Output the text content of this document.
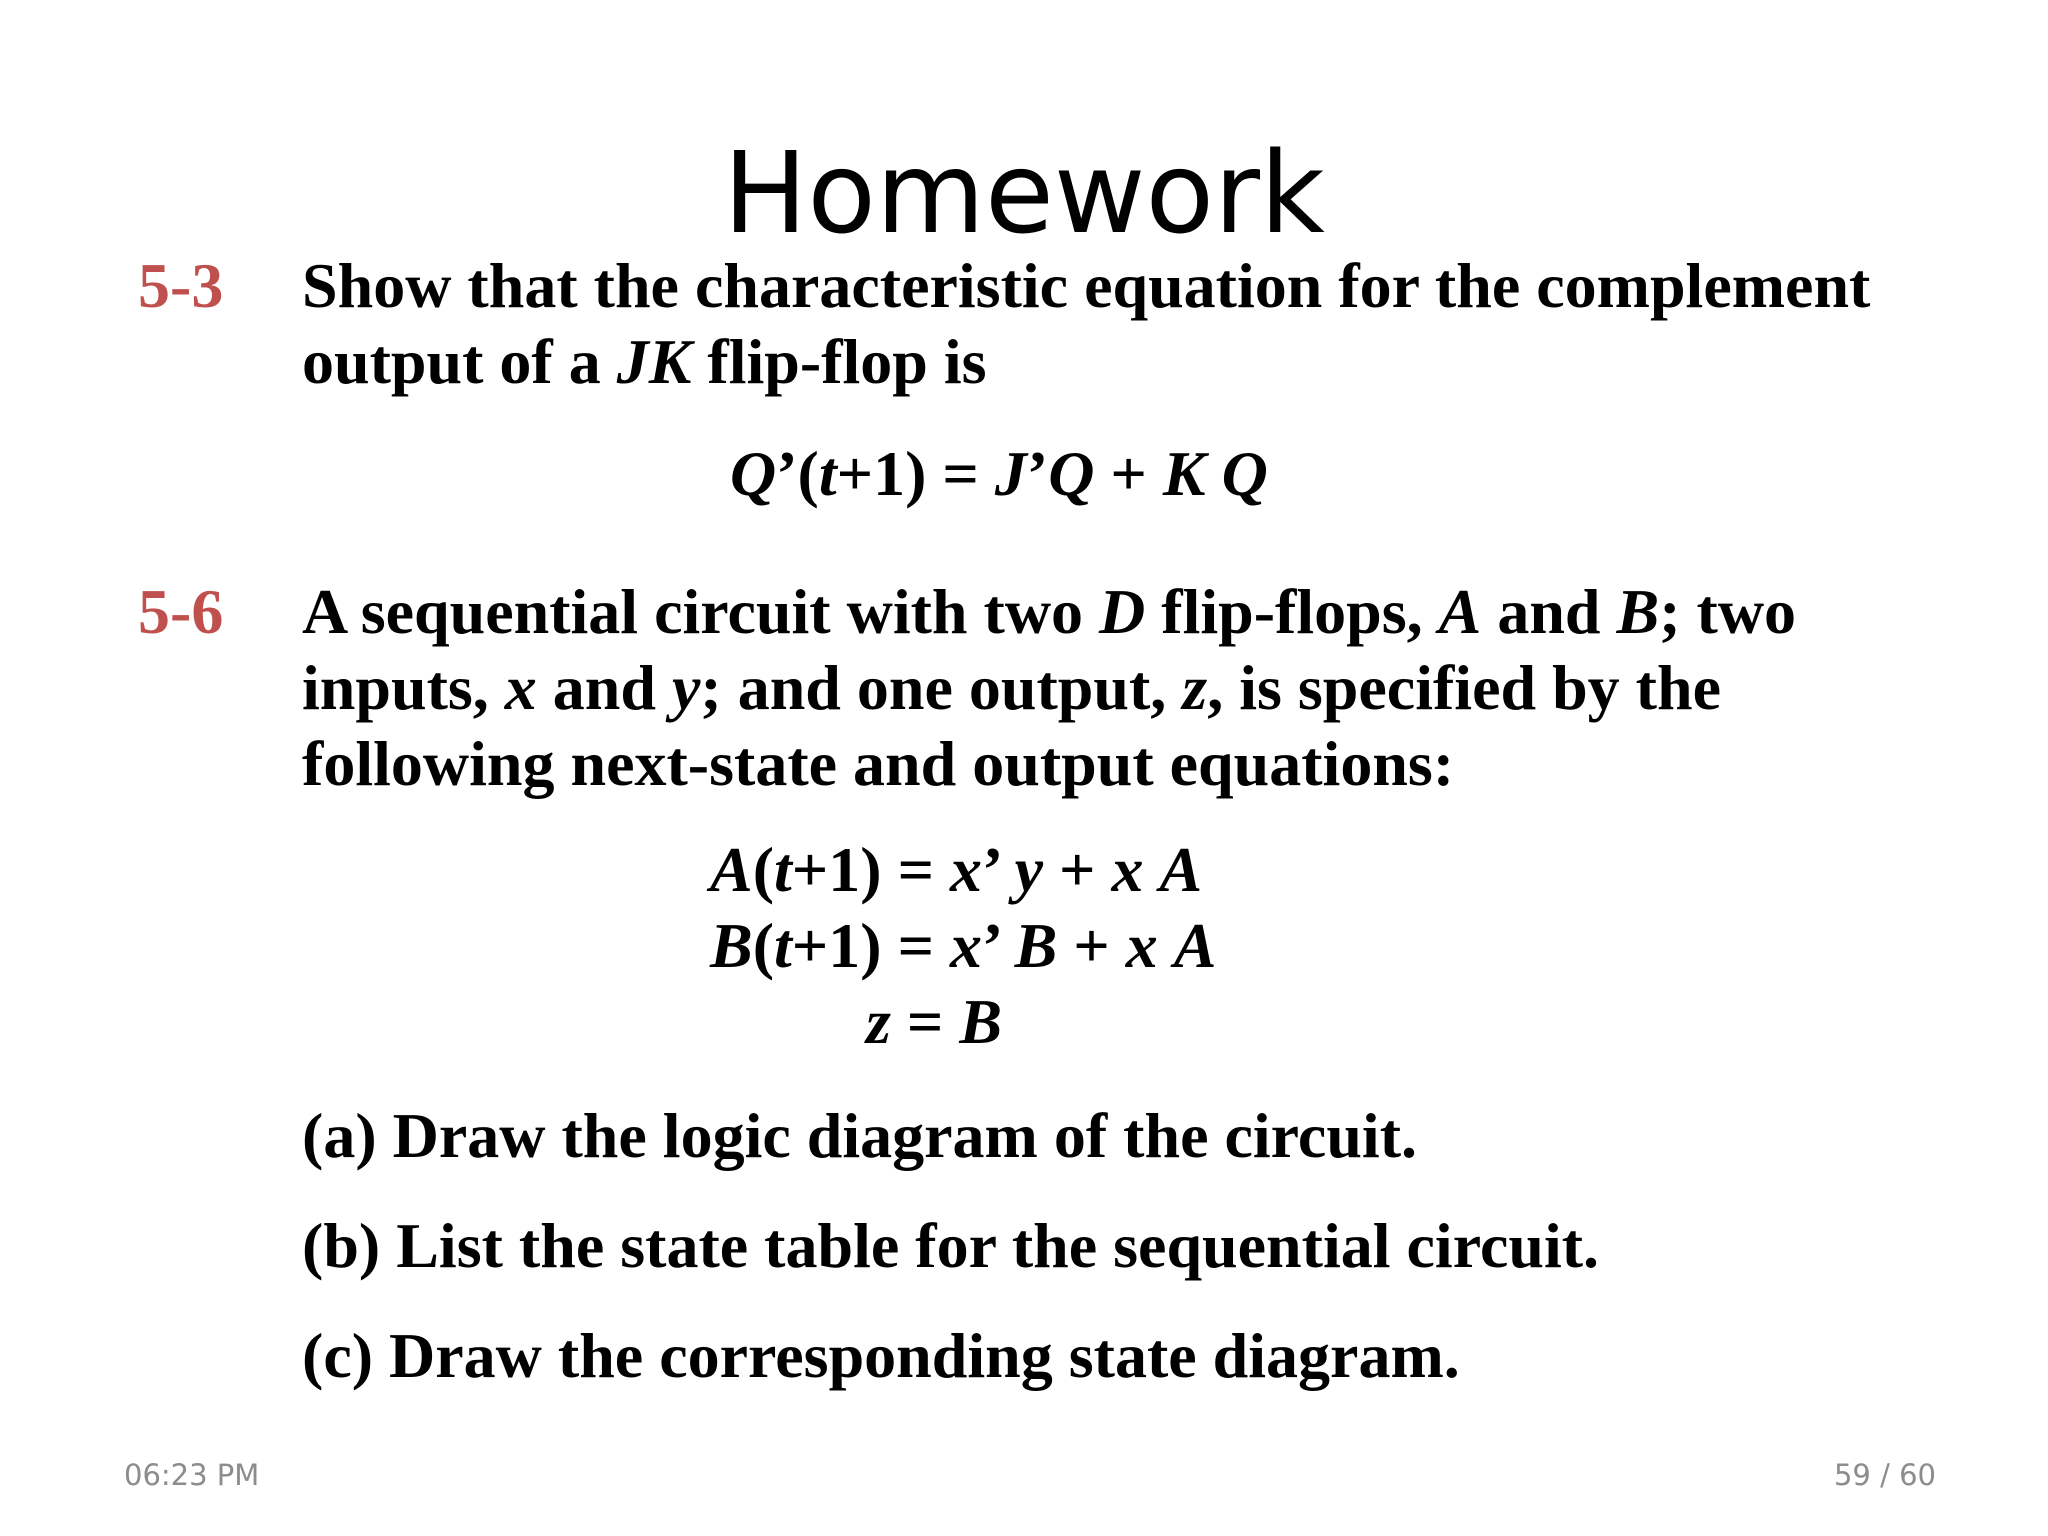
Homework
5-3 Show that the characteristic equation for the complement
output of a JK flip-flop is
Q’(t+1) = J’Q + K Q
5-6 A sequential circuit with two D flip-flops, A and B; two
inputs, x and y; and one output, z, is specified by the
following next-state and output equations:
A(t+1) = x’ y + x A
B(t+1) = x’ B + x A
z = B
(a) Draw the logic diagram of the circuit.
(b) List the state table for the sequential circuit.
(c) Draw the corresponding state diagram.
06:23 PM	59 / 60
